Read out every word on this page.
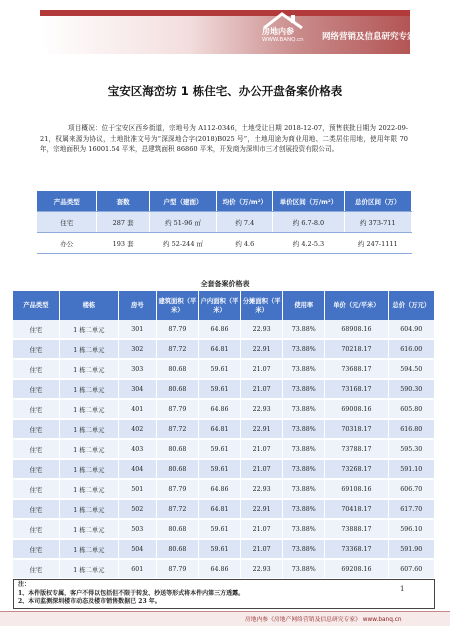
房地内参
WWW.BANQ.cn 网络营销及信息研究专家
宝安区海峦坊 1 栋住宅、办公开盘备案价格表
项目概况：位于宝安区西乡街道，宗地号为 A112-0346，土地受让日期 2018-12-07，预售获批日期为 2022-09-21，权属来源为协议，土地批准文号为“深深地合字(2018)B025 号”，土地用途为商业用地、二类居住用地，使用年限 70 年，宗地面积为 16001.54 平米，总建筑面积 86860 平米，开发商为深圳市三才创展投资有限公司。
产品类型	套数	户型（建面）	均价（万/m²）	单价区间（万/m²）	总价区间（万）
住宅	287 套	约 51-96 ㎡	约 7.4	约 6.7-8.0	约 373-711
办公	193 套	约 52-244 ㎡	约 4.6	约 4.2-5.3	约 247-1111
全套备案价格表
产品类型	楼栋	房号	建筑面积（平米）	户内面积（平米）	分摊面积（平米）	使用率	单价（元/平米）	总价（万元）
住宅	1 栋二单元	301	87.79	64.86	22.93	73.88%	68908.16	604.90
住宅	1 栋二单元	302	87.72	64.81	22.91	73.88%	70218.17	616.00
住宅	1 栋二单元	303	80.68	59.61	21.07	73.88%	73688.17	594.50
住宅	1 栋二单元	304	80.68	59.61	21.07	73.88%	73168.17	590.30
住宅	1 栋二单元	401	87.79	64.86	22.93	73.88%	69008.16	605.80
住宅	1 栋二单元	402	87.72	64.81	22.91	73.88%	70318.17	616.80
住宅	1 栋二单元	403	80.68	59.61	21.07	73.88%	73788.17	595.30
住宅	1 栋二单元	404	80.68	59.61	21.07	73.88%	73268.17	591.10
住宅	1 栋二单元	501	87.79	64.86	22.93	73.88%	69108.16	606.70
住宅	1 栋二单元	502	87.72	64.81	22.91	73.88%	70418.17	617.70
住宅	1 栋二单元	503	80.68	59.61	21.07	73.88%	73888.17	596.10
住宅	1 栋二单元	504	80.68	59.61	21.07	73.88%	73368.17	591.90
住宅	1 栋二单元	601	87.79	64.86	22.93	73.88%	69208.16	607.60
注：
1、本件版权专属，客户不得以包括但不限于转发、抄送等形式将本件内第三方透露。
2、本司监测深圳楼市动态及楼市销售数据已 23 年。
1
房地内参《房地产网络营销及信息研究专家》 www.banq.cn
